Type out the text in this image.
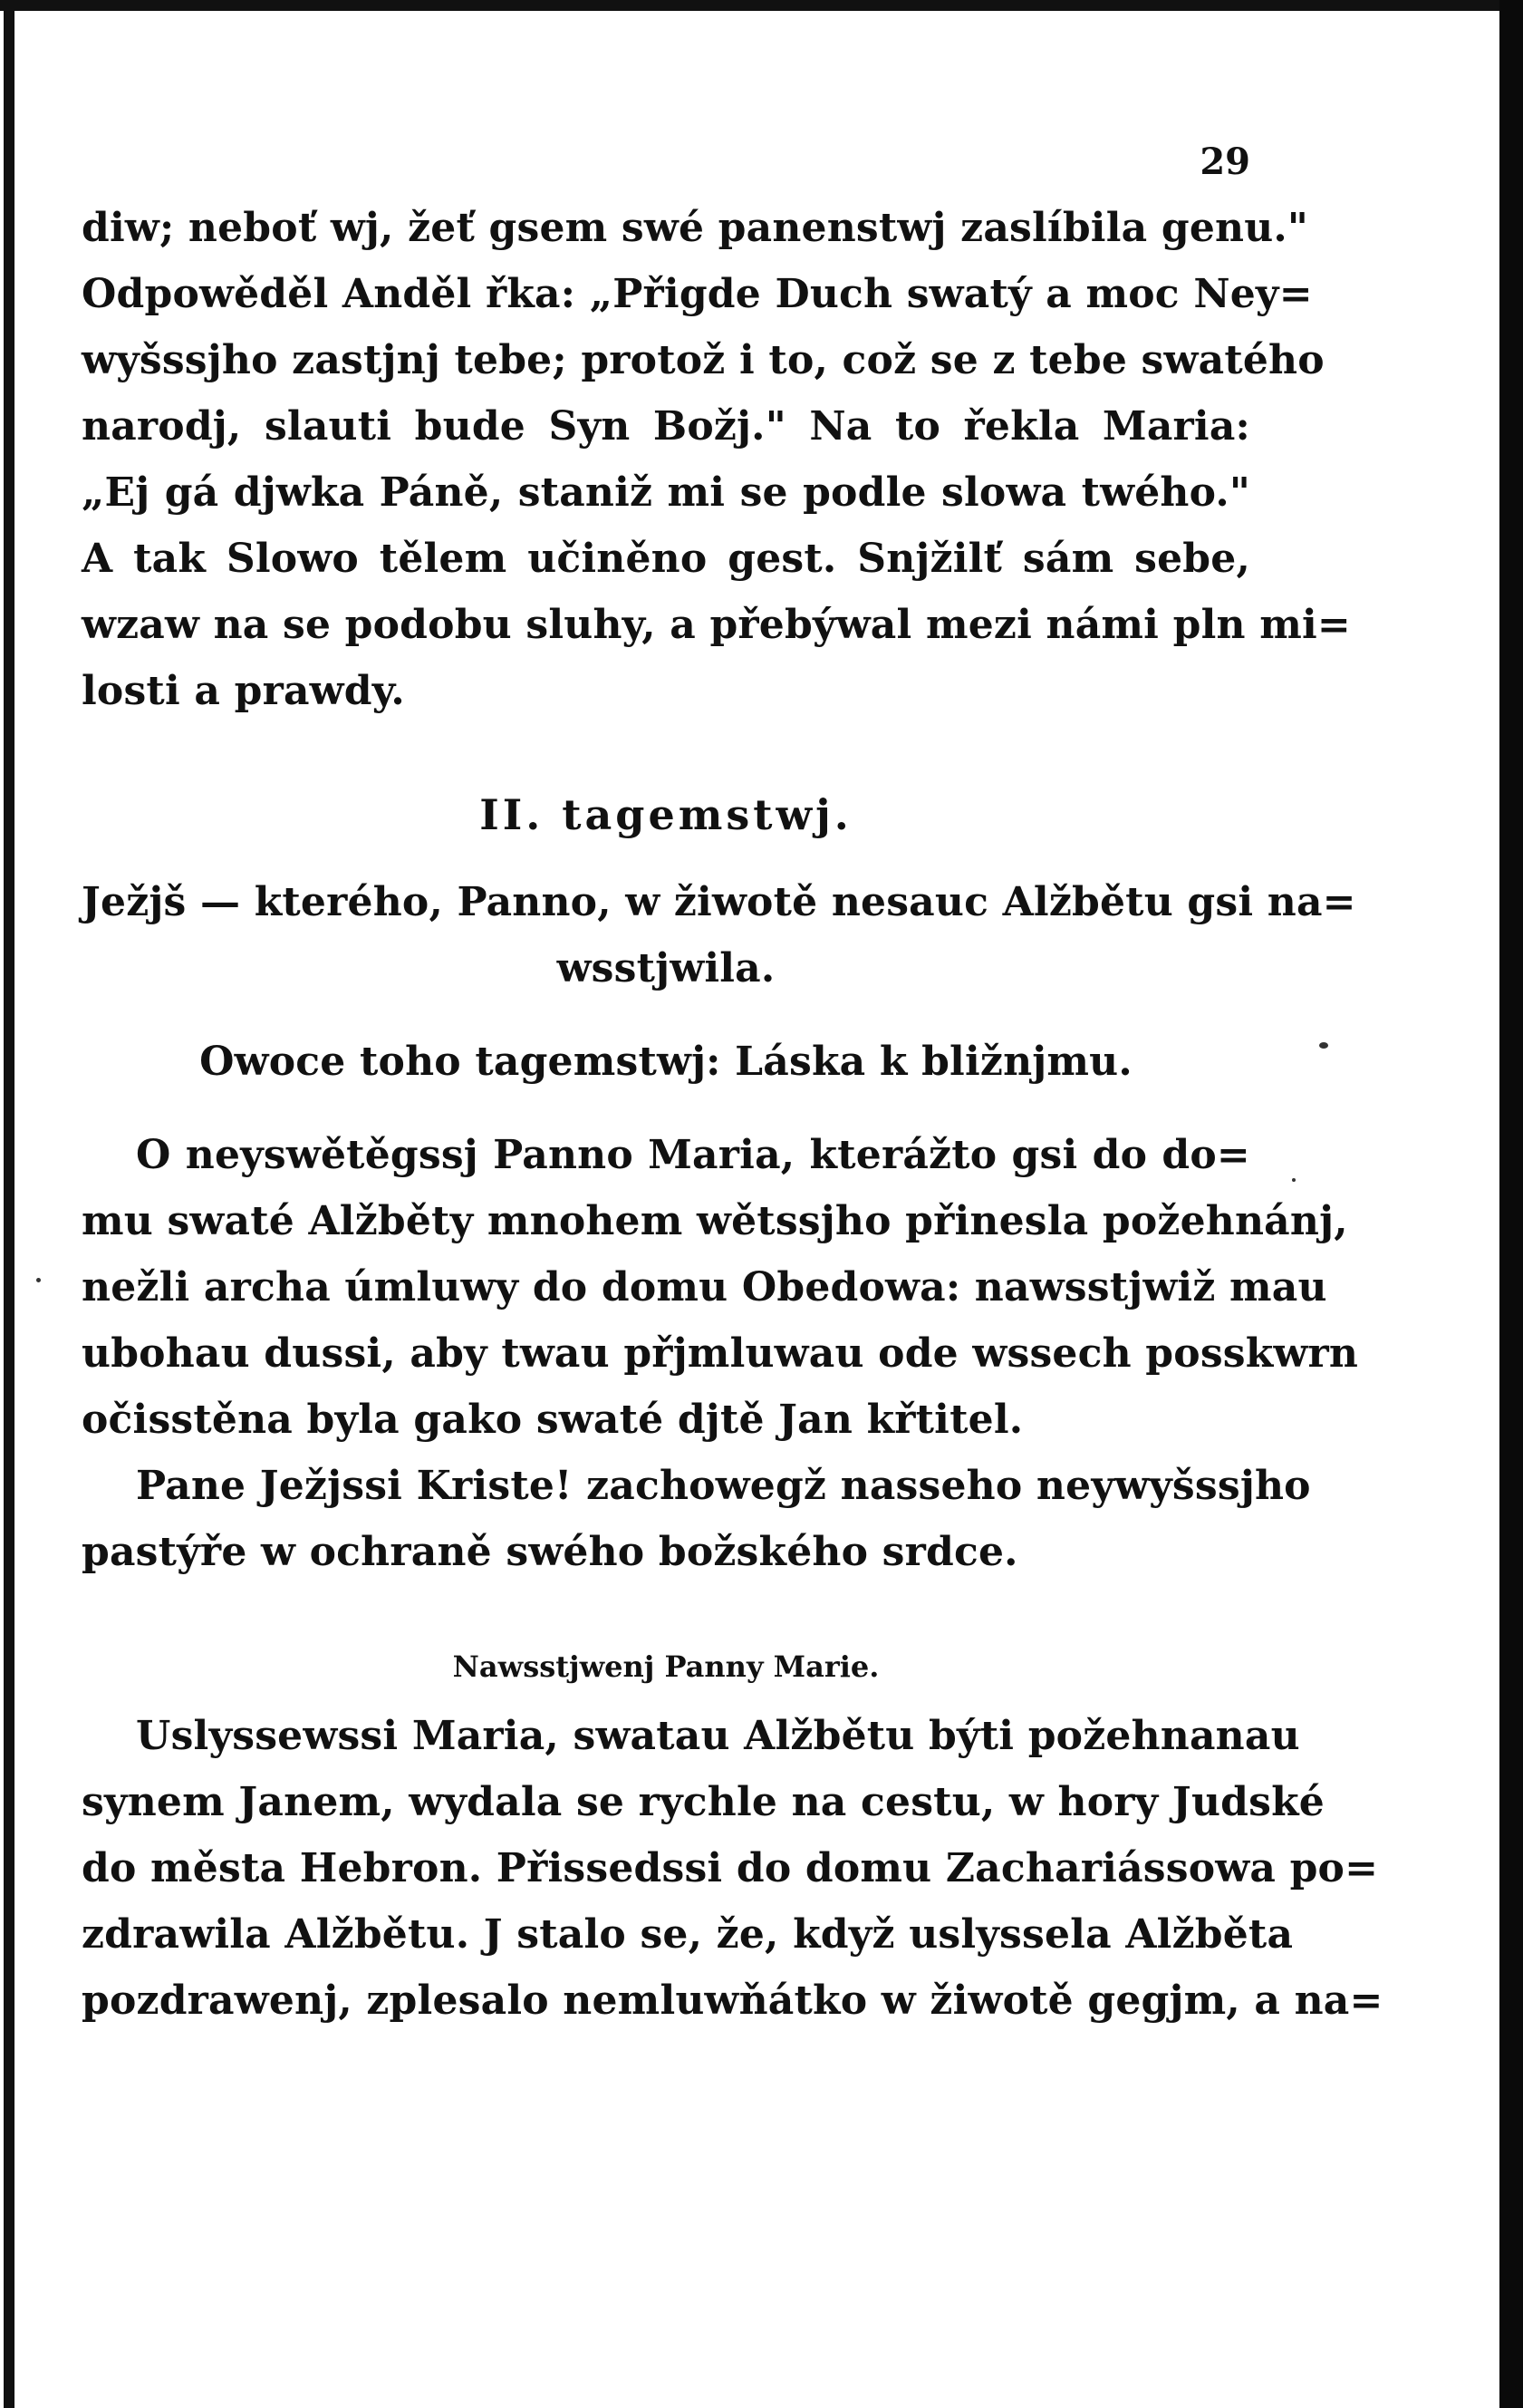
29
diw; neboť wj, žeť gsem swé panenstwj zaslíbila genu."
Odpowěděl Anděl řka: „Přigde Duch swatý a moc Ney=
wyšssjho zastjnj tebe; protož i to, což se z tebe swatého
narodj, slauti bude Syn Božj." Na to řekla Maria:
„Ej gá djwka Páně, staniž mi se podle slowa twého."
A tak Slowo tělem učiněno gest. Snjžilť sám sebe,
wzaw na se podobu sluhy, a přebýwal mezi námi pln mi=
losti a prawdy.
II. tagemstwj.
Ježjš — kterého, Panno, w žiwotě nesauc Alžbětu gsi na=
wsstjwila.
Owoce toho tagemstwj: Láska k bližnjmu.
O neyswětěgssj Panno Maria, kterážto gsi do do=
mu swaté Alžběty mnohem wětssjho přinesla požehnánj,
nežli archa úmluwy do domu Obedowa: nawsstjwiž mau
ubohau dussi, aby twau přjmluwau ode wssech posskwrn
očisstěna byla gako swaté djtě Jan křtitel.
Pane Ježjssi Kriste! zachowegž nasseho neywyšssjho
pastýře w ochraně swého božského srdce.
Nawsstjwenj Panny Marie.
Uslyssewssi Maria, swatau Alžbětu býti požehnanau
synem Janem, wydala se rychle na cestu, w hory Judské
do města Hebron. Přissedssi do domu Zachariássowa po=
zdrawila Alžbětu. J stalo se, že, když uslyssela Alžběta
pozdrawenj, zplesalo nemluwňátko w žiwotě gegjm, a na=
